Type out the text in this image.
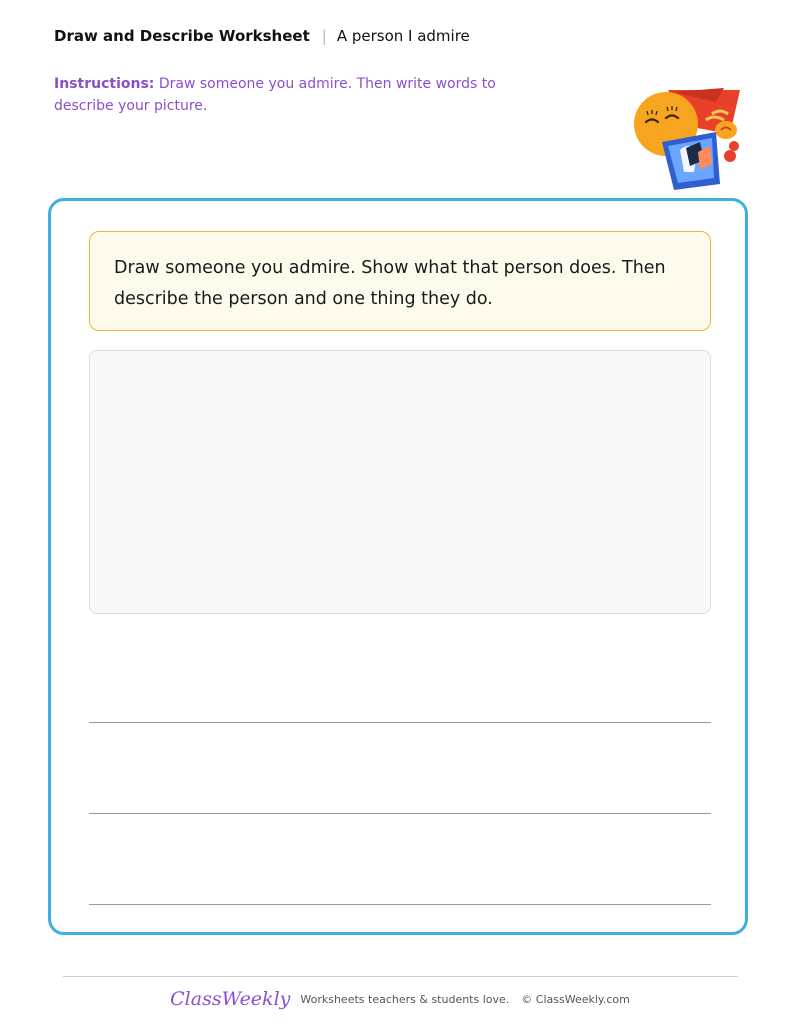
Draw and Describe Worksheet | A person I admire
Instructions: Draw someone you admire. Then write words to describe your picture.
Draw someone you admire. Show what that person does. Then describe the person and one thing they do.
ClassWeekly Worksheets teachers & students love. © ClassWeekly.com
